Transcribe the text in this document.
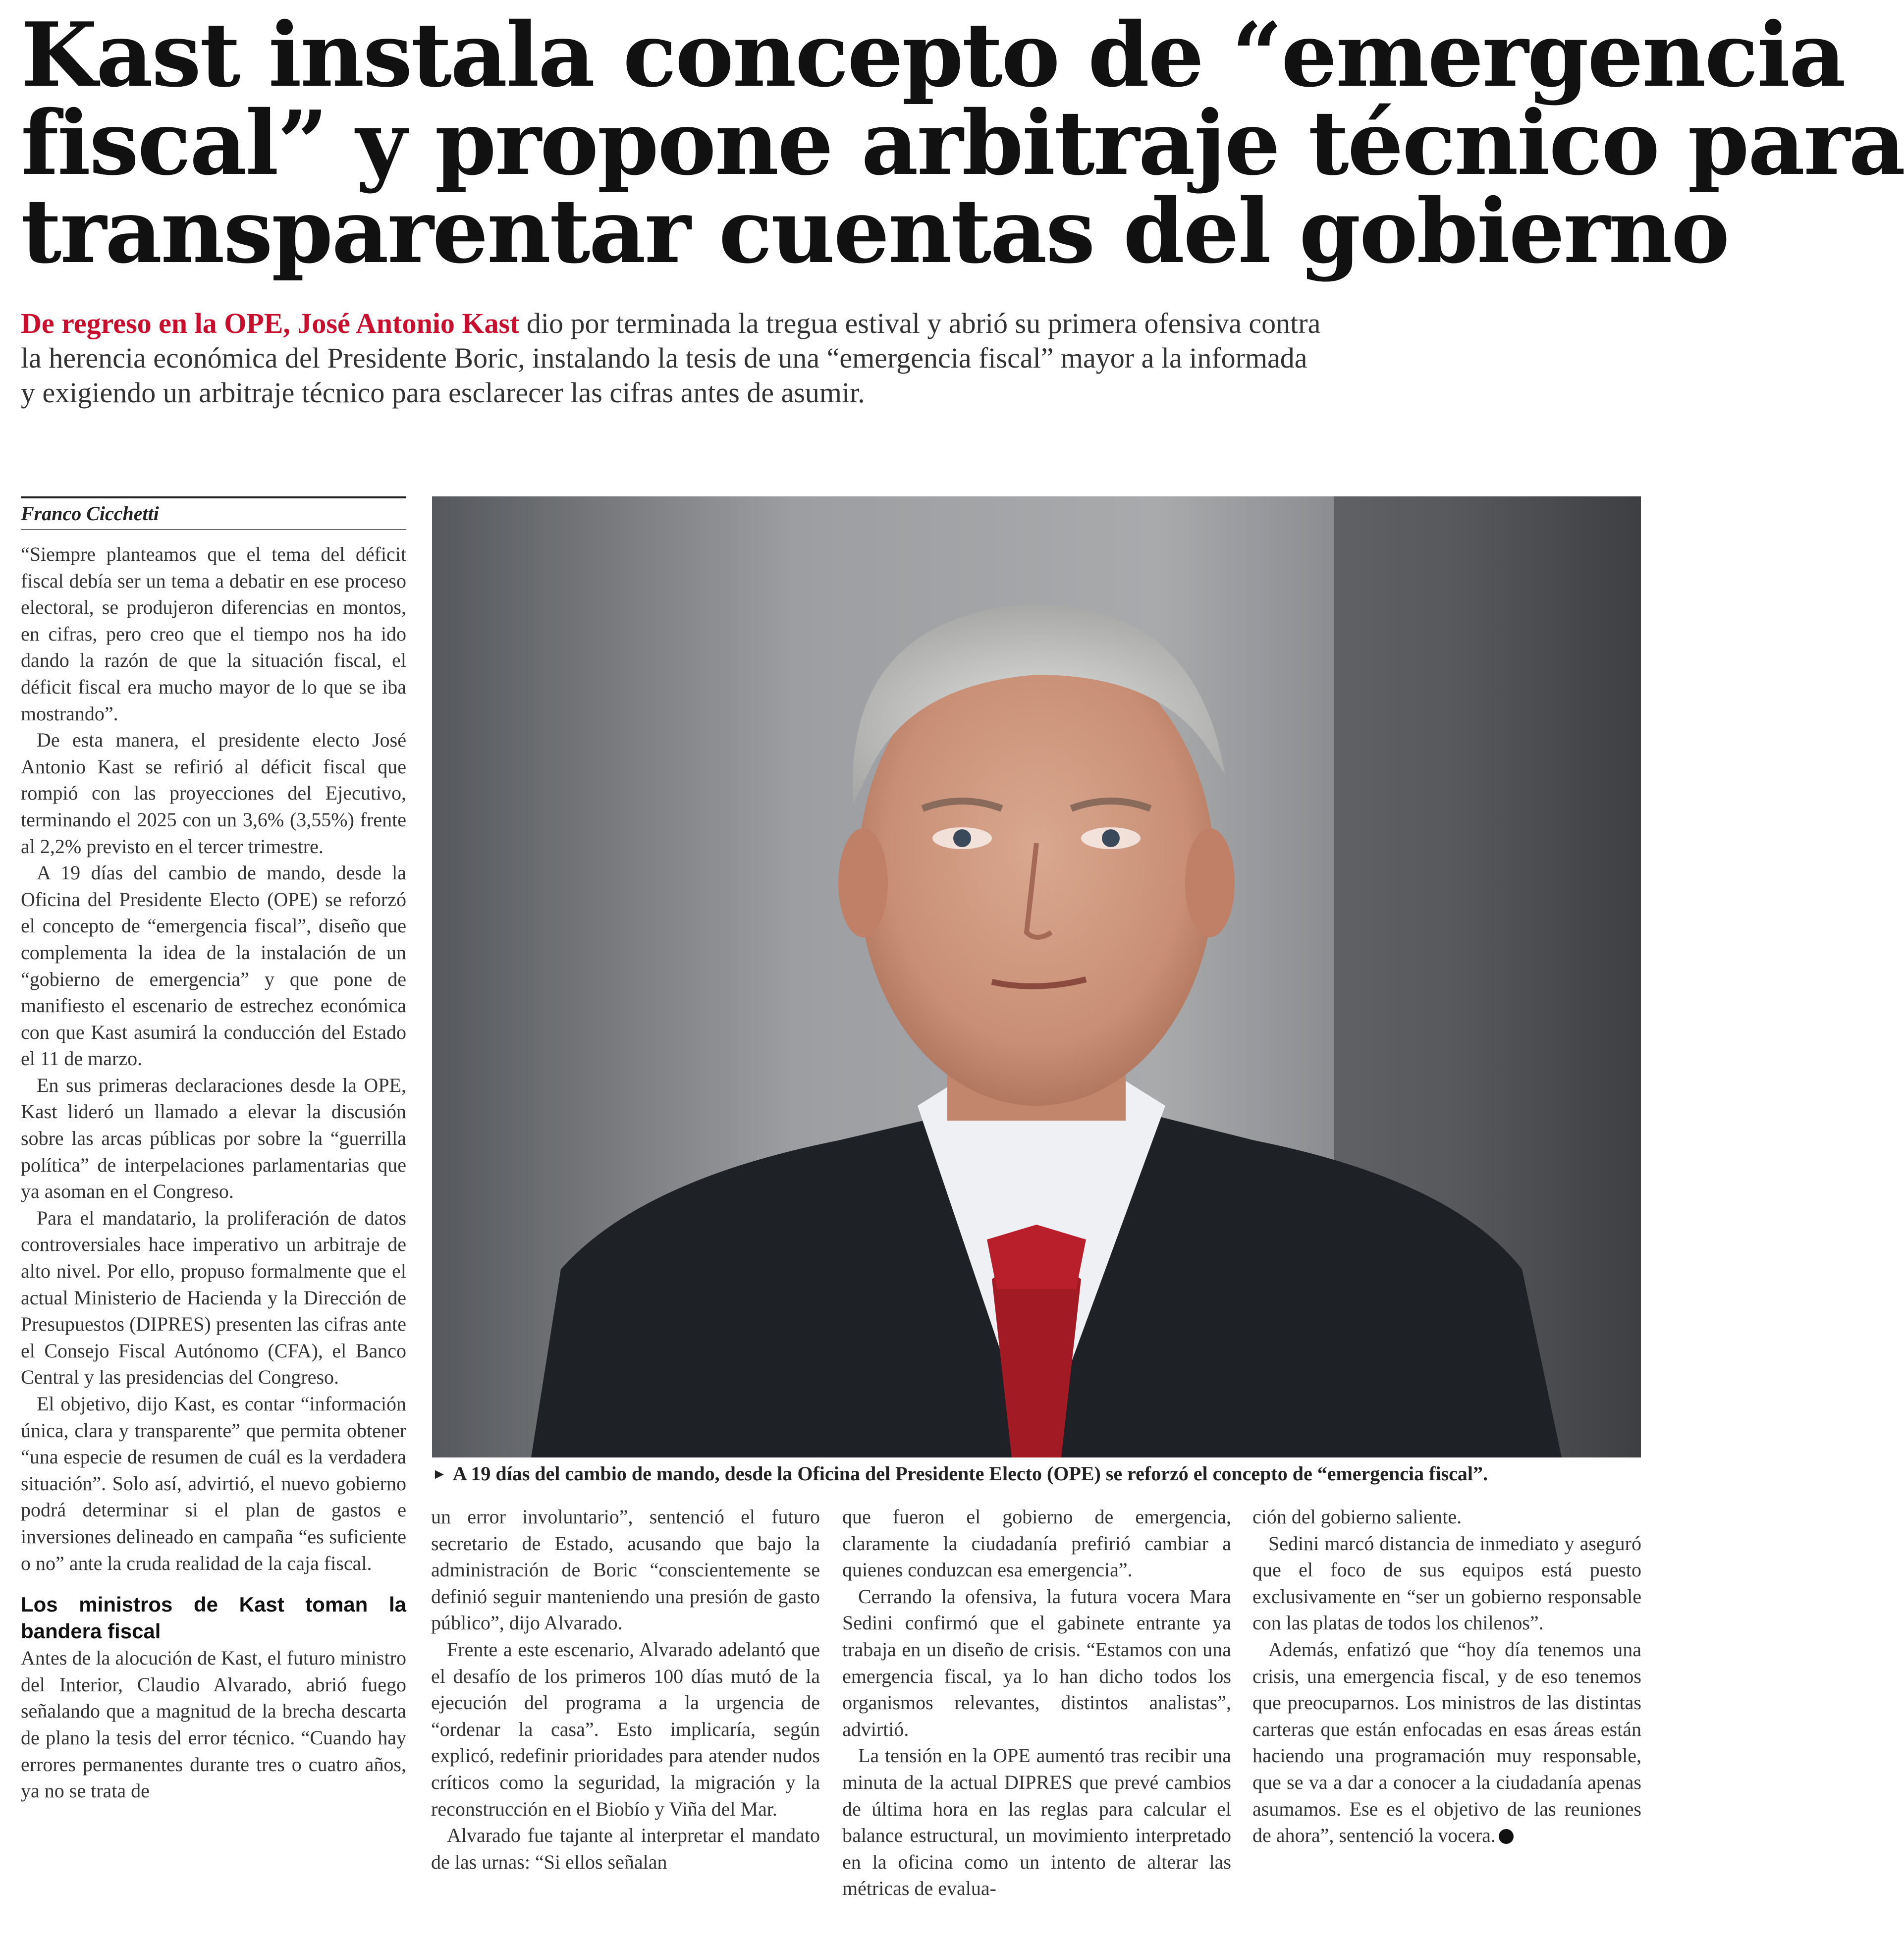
Kast instala concepto de “emergencia
fiscal” y propone arbitraje técnico para
transparentar cuentas del gobierno
De regreso en la OPE, José Antonio Kast dio por terminada la tregua estival y abrió su primera ofensiva contra
la herencia económica del Presidente Boric, instalando la tesis de una “emergencia fiscal” mayor a la informada
y exigiendo un arbitraje técnico para esclarecer las cifras antes de asumir.
Franco Cicchetti

“Siempre planteamos que el tema del déficit fiscal debía ser un tema a debatir en ese proceso electoral, se produjeron diferencias en montos, en cifras, pero creo que el tiempo nos ha ido dando la razón de que la situación fiscal, el déficit fiscal era mucho mayor de lo que se iba mostrando”.

De esta manera, el presidente electo José Antonio Kast se refirió al déficit fiscal que rompió con las proyecciones del Ejecutivo, terminando el 2025 con un 3,6% (3,55%) frente al 2,2% previsto en el tercer trimestre.

A 19 días del cambio de mando, desde la Oficina del Presidente Electo (OPE) se reforzó el concepto de “emergencia fiscal”, diseño que complementa la idea de la instalación de un “gobierno de emergencia” y que pone de manifiesto el escenario de estrechez económica con que Kast asumirá la conducción del Estado el 11 de marzo.

En sus primeras declaraciones desde la OPE, Kast lideró un llamado a elevar la discusión sobre las arcas públicas por sobre la “guerrilla política” de interpelaciones parlamentarias que ya asoman en el Congreso.

Para el mandatario, la proliferación de datos controversiales hace imperativo un arbitraje de alto nivel. Por ello, propuso formalmente que el actual Ministerio de Hacienda y la Dirección de Presupuestos (DIPRES) presenten las cifras ante el Consejo Fiscal Autónomo (CFA), el Banco Central y las presidencias del Congreso.

El objetivo, dijo Kast, es contar “información única, clara y transparente” que permita obtener “una especie de resumen de cuál es la verdadera situación”. Solo así, advirtió, el nuevo gobierno podrá determinar si el plan de gastos e inversiones delineado en campaña “es suficiente o no” ante la cruda realidad de la caja fiscal.

Los ministros de Kast toman la bandera fiscal

Antes de la alocución de Kast, el futuro ministro del Interior, Claudio Alvarado, abrió fuego señalando que a magnitud de la brecha descarta de plano la tesis del error técnico. “Cuando hay errores permanentes durante tres o cuatro años, ya no se trata de

► A 19 días del cambio de mando, desde la Oficina del Presidente Electo (OPE) se reforzó el concepto de “emergencia fiscal”.

un error involuntario”, sentenció el futuro secretario de Estado, acusando que bajo la administración de Boric “conscientemente se definió seguir manteniendo una presión de gasto público”, dijo Alvarado.

Frente a este escenario, Alvarado adelantó que el desafío de los primeros 100 días mutó de la ejecución del programa a la urgencia de “ordenar la casa”. Esto implicaría, según explicó, redefinir prioridades para atender nudos críticos como la seguridad, la migración y la reconstrucción en el Biobío y Viña del Mar.

Alvarado fue tajante al interpretar el mandato de las urnas: “Si ellos señalan

que fueron el gobierno de emergencia, claramente la ciudadanía prefirió cambiar a quienes conduzcan esa emergencia”.

Cerrando la ofensiva, la futura vocera Mara Sedini confirmó que el gabinete entrante ya trabaja en un diseño de crisis. “Estamos con una emergencia fiscal, ya lo han dicho todos los organismos relevantes, distintos analistas”, advirtió.

La tensión en la OPE aumentó tras recibir una minuta de la actual DIPRES que prevé cambios de última hora en las reglas para calcular el balance estructural, un movimiento interpretado en la oficina como un intento de alterar las métricas de evalua-

ción del gobierno saliente.

Sedini marcó distancia de inmediato y aseguró que el foco de sus equipos está puesto exclusivamente en “ser un gobierno responsable con las platas de todos los chilenos”.

Además, enfatizó que “hoy día tenemos una crisis, una emergencia fiscal, y de eso tenemos que preocuparnos. Los ministros de las distintas carteras que están enfocadas en esas áreas están haciendo una programación muy responsable, que se va a dar a conocer a la ciudadanía apenas asumamos. Ese es el objetivo de las reuniones de ahora”, sentenció la vocera.
